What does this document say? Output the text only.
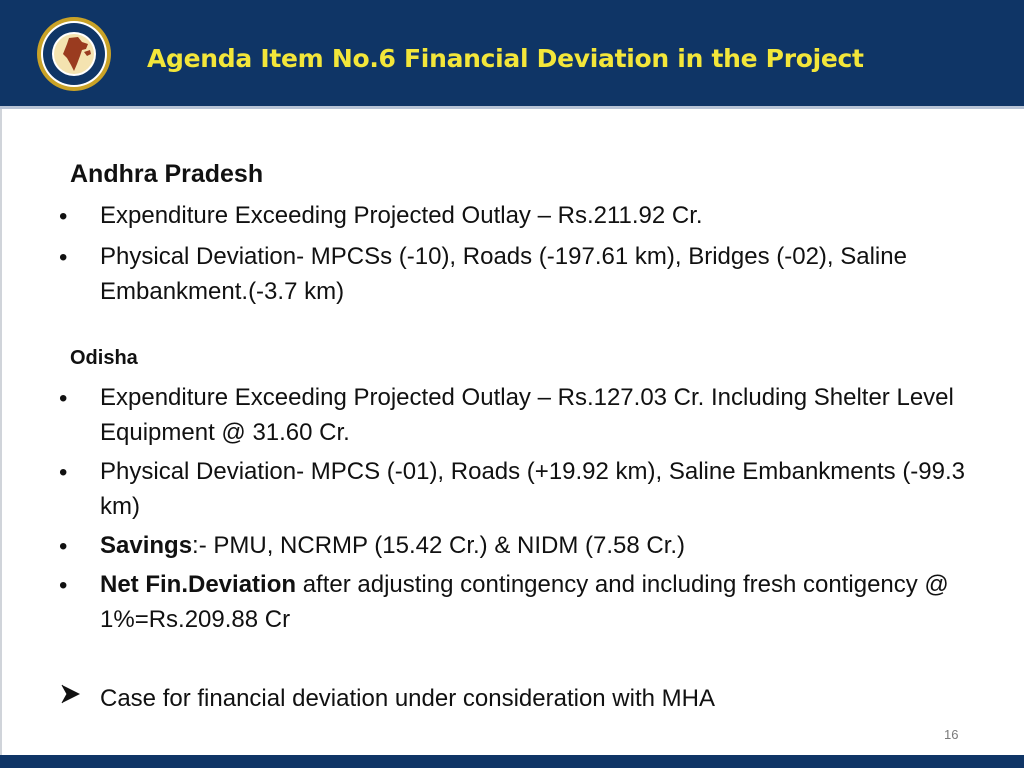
Agenda Item No.6 Financial Deviation in the Project
Andhra Pradesh
• Expenditure Exceeding Projected Outlay – Rs.211.92 Cr.
• Physical Deviation- MPCSs (-10), Roads (-197.61 km), Bridges (-02), Saline Embankment.(-3.7 km)
Odisha
• Expenditure Exceeding Projected Outlay – Rs.127.03 Cr. Including Shelter Level Equipment @ 31.60 Cr.
• Physical Deviation- MPCS (-01), Roads (+19.92 km), Saline Embankments (-99.3 km)
• Savings:- PMU, NCRMP (15.42 Cr.) & NIDM (7.58 Cr.)
• Net Fin.Deviation after adjusting contingency and including fresh contigency @ 1%=Rs.209.88 Cr
Case for financial deviation under consideration with MHA
16
